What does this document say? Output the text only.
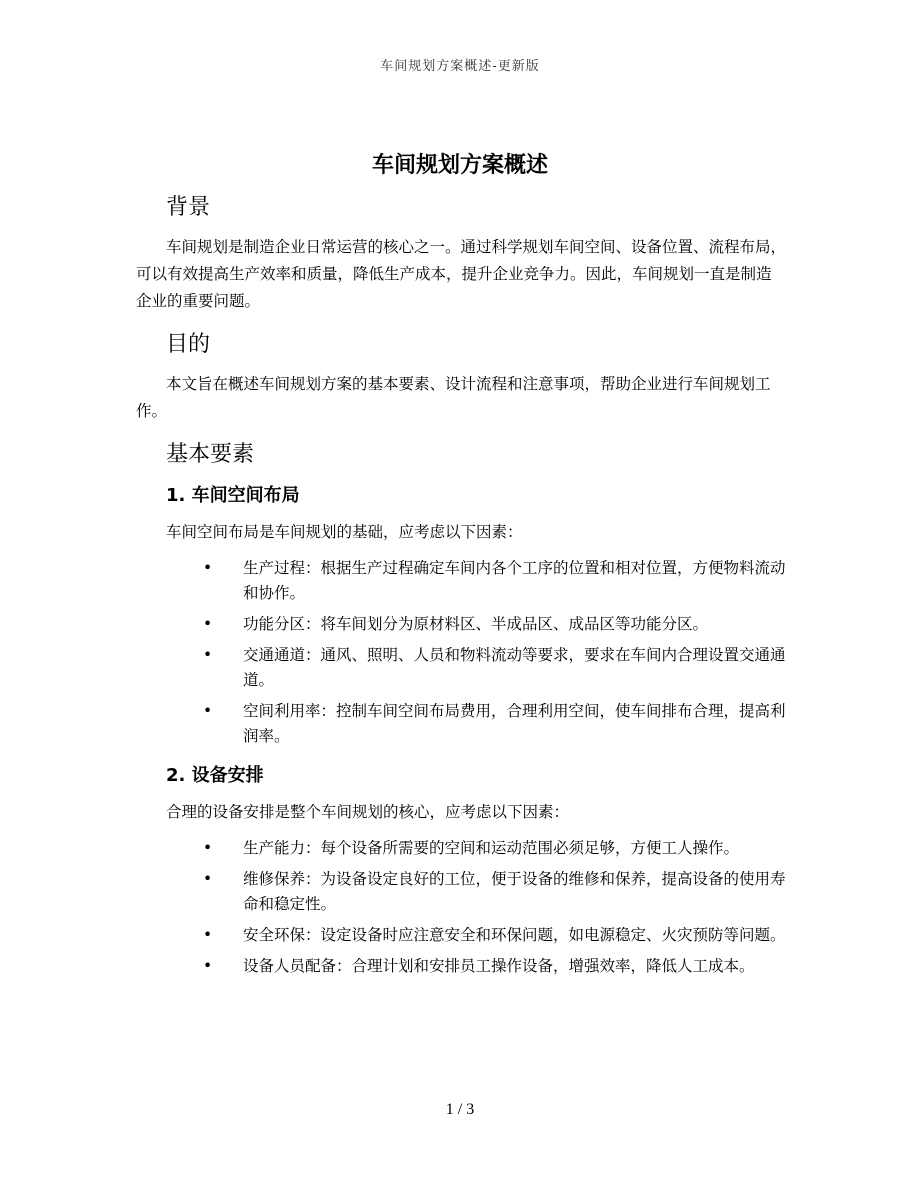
车间规划方案概述-更新版
车间规划方案概述
背景

车间规划是制造企业日常运营的核心之一。通过科学规划车间空间、设备位置、流程布局，可以有效提高生产效率和质量，降低生产成本，提升企业竞争力。因此，车间规划一直是制造企业的重要问题。

目的

本文旨在概述车间规划方案的基本要素、设计流程和注意事项，帮助企业进行车间规划工作。

基本要素
1. 车间空间布局

车间空间布局是车间规划的基础，应考虑以下因素：

• 生产过程：根据生产过程确定车间内各个工序的位置和相对位置，方便物料流动和协作。
• 功能分区：将车间划分为原材料区、半成品区、成品区等功能分区。
• 交通通道：通风、照明、人员和物料流动等要求，要求在车间内合理设置交通通道。
• 空间利用率：控制车间空间布局费用，合理利用空间，使车间排布合理，提高利润率。
2. 设备安排

合理的设备安排是整个车间规划的核心，应考虑以下因素：

• 生产能力：每个设备所需要的空间和运动范围必须足够，方便工人操作。
• 维修保养：为设备设定良好的工位，便于设备的维修和保养，提高设备的使用寿命和稳定性。
• 安全环保：设定设备时应注意安全和环保问题，如电源稳定、火灾预防等问题。
• 设备人员配备：合理计划和安排员工操作设备，增强效率，降低人工成本。
1 / 3
